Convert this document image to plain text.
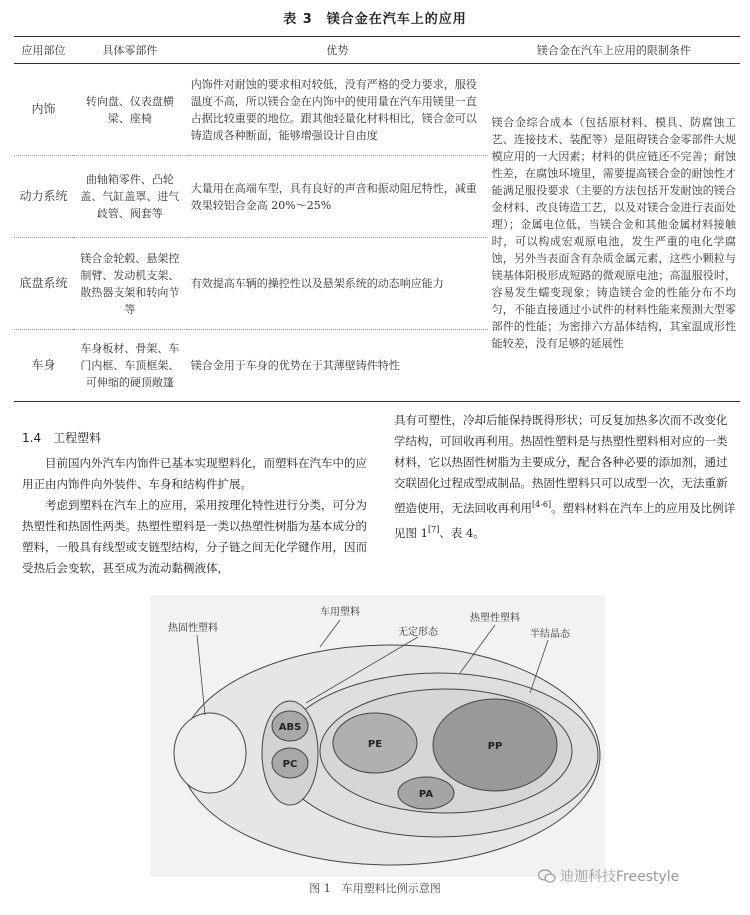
表 3　镁合金在汽车上的应用
应用部位	具体零部件	优势	镁合金在汽车上应用的限制条件
内饰	转向盘、仪表盘横梁、座椅	内饰件对耐蚀的要求相对较低，没有严格的受力要求，服役温度不高，所以镁合金在内饰中的使用量在汽车用镁里一直占据比较重要的地位。跟其他轻量化材料相比，镁合金可以铸造成各种断面，能够增强设计自由度	镁合金综合成本（包括原材料、模具、防腐蚀工艺、连接技术、装配等）是阻碍镁合金零部件大规模应用的一大因素；材料的供应链还不完善；耐蚀性差，在腐蚀环境里，需要提高镁合金的耐蚀性才能满足服役要求（主要的方法包括开发耐蚀的镁合金材料、改良铸造工艺，以及对镁合金进行表面处理）；金属电位低，当镁合金和其他金属材料接触时，可以构成宏观原电池，发生严重的电化学腐蚀，另外当表面含有杂质金属元素，这些小颗粒与镁基体阳极形成短路的微观原电池；高温服役时，容易发生蠕变现象；铸造镁合金的性能分布不均匀，不能直接通过小试件的材料性能来预测大型零部件的性能；为密排六方晶体结构，其室温成形性能较差，没有足够的延展性
动力系统	曲轴箱零件、凸轮盖、气缸盖罩、进气歧管、阀套等	大量用在高端车型，具有良好的声音和振动阻尼特性，减重效果较铝合金高 20%～25%	
底盘系统	镁合金轮毂、悬架控制臂、发动机支架、散热器支架和转向节等	有效提高车辆的操控性以及悬架系统的动态响应能力	
车身	车身板材、骨架、车门内框、车顶框架、可伸缩的硬顶敞篷	镁合金用于车身的优势在于其薄壁铸件特性	
1.4　工程塑料

目前国内外汽车内饰件已基本实现塑料化，而塑料在汽车中的应用正由内饰件向外装件、车身和结构件扩展。

考虑到塑料在汽车上的应用，采用按理化特性进行分类，可分为热塑性和热固性两类。热塑性塑料是一类以热塑性树脂为基本成分的塑料，一般具有线型或支链型结构，分子链之间无化学键作用，因而受热后会变软，甚至成为流动黏稠液体，

具有可塑性，冷却后能保持既得形状；可反复加热多次而不改变化学结构，可回收再利用。热固性塑料是与热塑性塑料相对应的一类材料，它以热固性树脂为主要成分，配合各种必要的添加剂，通过交联固化过程成型成制品。热固性塑料只可以成型一次，无法重新塑造使用，无法回收再利用[4-6]。塑料材料在汽车上的应用及比例详见图 1[7]、表 4。

热固性塑料
车用塑料
无定形态
热塑性塑料
半结晶态
ABS
PC
PE	PP
PA
图 1　车用塑料比例示意图
迪迦科技Freestyle
